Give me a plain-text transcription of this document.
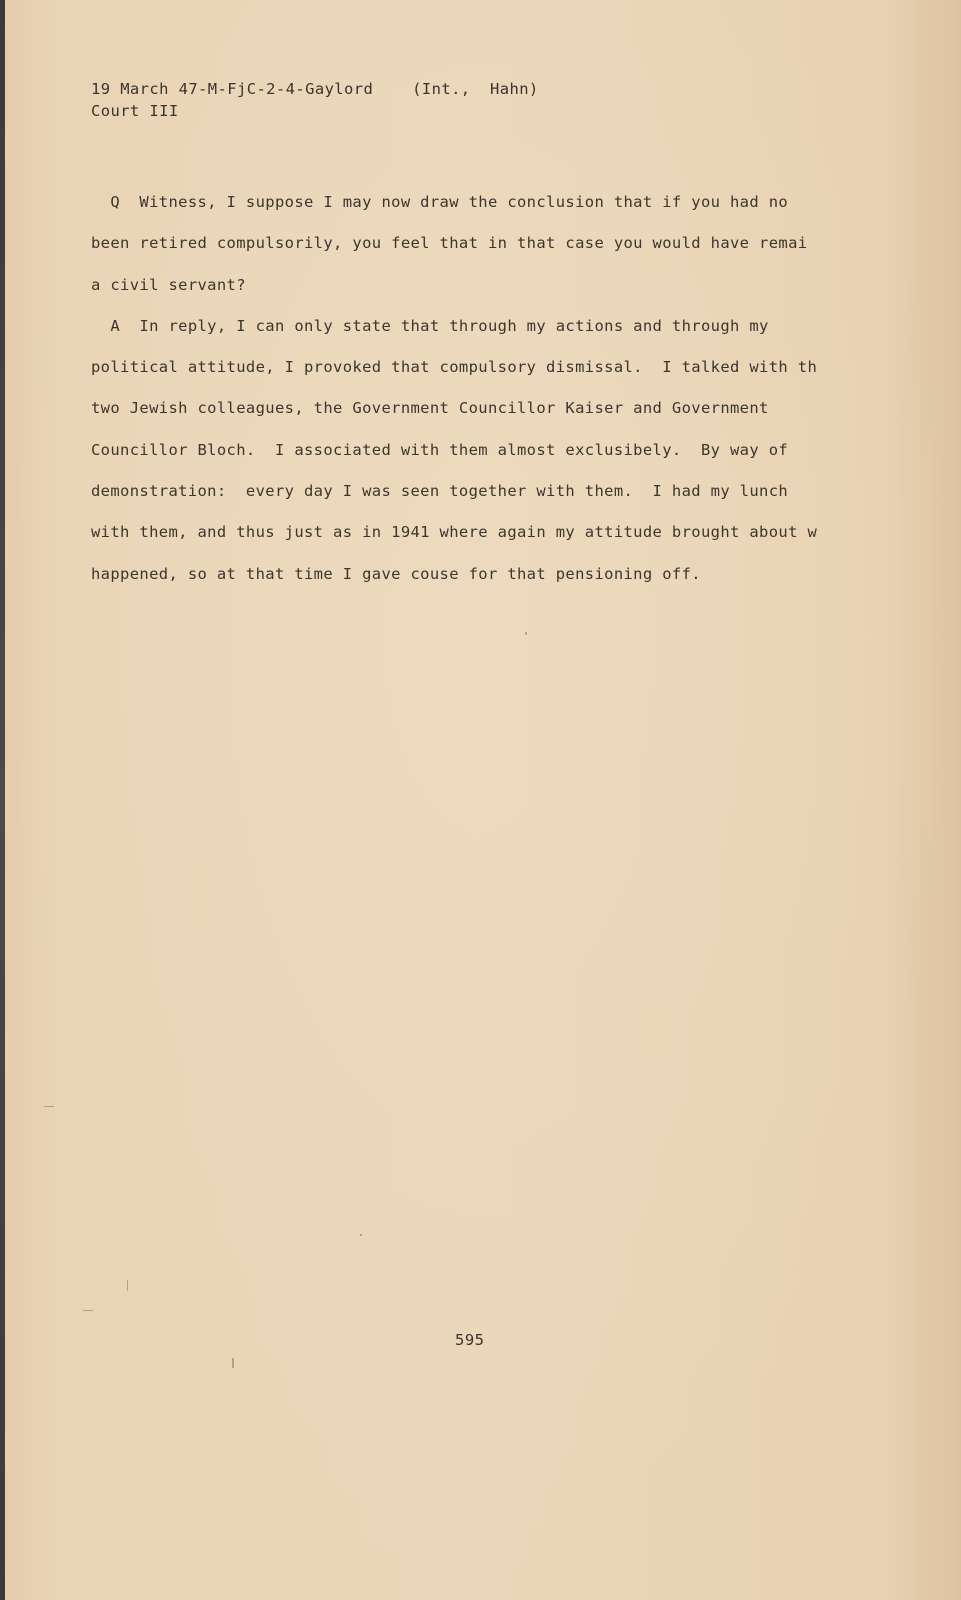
19 March 47-M-FjC-2-4-Gaylord    (Int.,  Hahn)
Court III
Q  Witness, I suppose I may now draw the conclusion that if you had no
been retired compulsorily, you feel that in that case you would have remai
a civil servant?
A  In reply, I can only state that through my actions and through my
political attitude, I provoked that compulsory dismissal.  I talked with th
two Jewish colleagues, the Government Councillor Kaiser and Government
Councillor Bloch.  I associated with them almost exclusibely.  By way of
demonstration:  every day I was seen together with them.  I had my lunch
with them, and thus just as in 1941 where again my attitude brought about w
happened, so at that time I gave couse for that pensioning off.
595
